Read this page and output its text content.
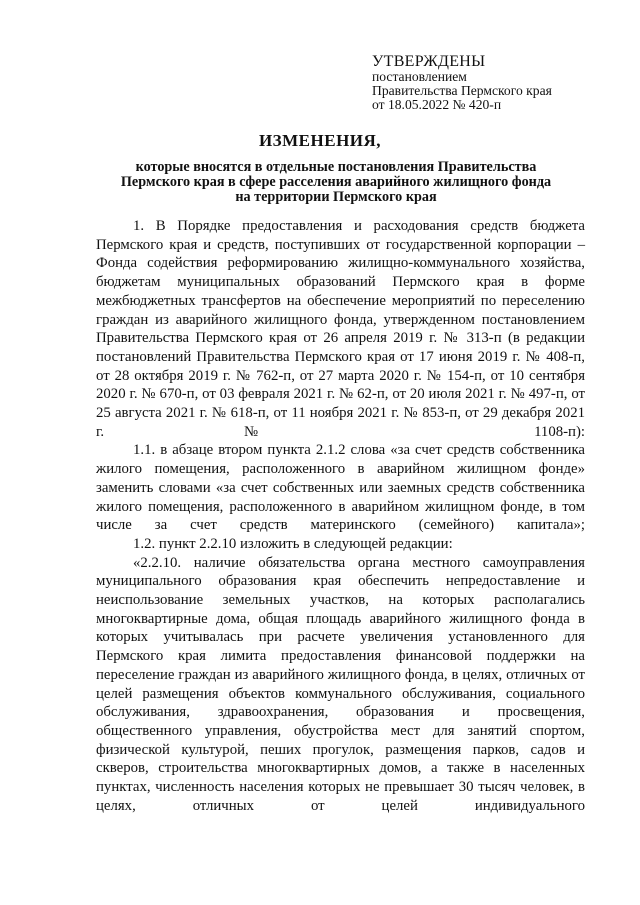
УТВЕРЖДЕНЫ
постановлением
Правительства Пермского края
от 18.05.2022 № 420-п
ИЗМЕНЕНИЯ,
которые вносятся в отдельные постановления Правительства
Пермского края в сфере расселения аварийного жилищного фонда
на территории Пермского края

1. В Порядке предоставления и расходования средств бюджета Пермского края и средств, поступивших от государственной корпорации – Фонда содействия реформированию жилищно-коммунального хозяйства, бюджетам муниципальных образований Пермского края в форме межбюджетных трансфертов на обеспечение мероприятий по переселению граждан из аварийного жилищного фонда, утвержденном постановлением Правительства Пермского края от 26 апреля 2019 г. № 313-п (в редакции постановлений Правительства Пермского края от 17 июня 2019 г. № 408-п, от 28 октября 2019 г. № 762-п, от 27 марта 2020 г. № 154-п, от 10 сентября 2020 г. № 670-п, от 03 февраля 2021 г. № 62-п, от 20 июля 2021 г. № 497-п, от 25 августа 2021 г. № 618-п, от 11 ноября 2021 г. № 853-п, от 29 декабря 2021 г. № 1108-п):

1.1. в абзаце втором пункта 2.1.2 слова «за счет средств собственника жилого помещения, расположенного в аварийном жилищном фонде» заменить словами «за счет собственных или заемных средств собственника жилого помещения, расположенного в аварийном жилищном фонде, в том числе за счет средств материнского (семейного) капитала»;

1.2. пункт 2.2.10 изложить в следующей редакции:

«2.2.10. наличие обязательства органа местного самоуправления муниципального образования края обеспечить непредоставление и неиспользование земельных участков, на которых располагались многоквартирные дома, общая площадь аварийного жилищного фонда в которых учитывалась при расчете увеличения установленного для Пермского края лимита предоставления финансовой поддержки на переселение граждан из аварийного жилищного фонда, в целях, отличных от целей размещения объектов коммунального обслуживания, социального обслуживания, здравоохранения, образования и просвещения, общественного управления, обустройства мест для занятий спортом, физической культурой, пеших прогулок, размещения парков, садов и скверов, строительства многоквартирных домов, а также в населенных пунктах, численность населения которых не превышает 30 тысяч человек, в целях, отличных от целей индивидуального
